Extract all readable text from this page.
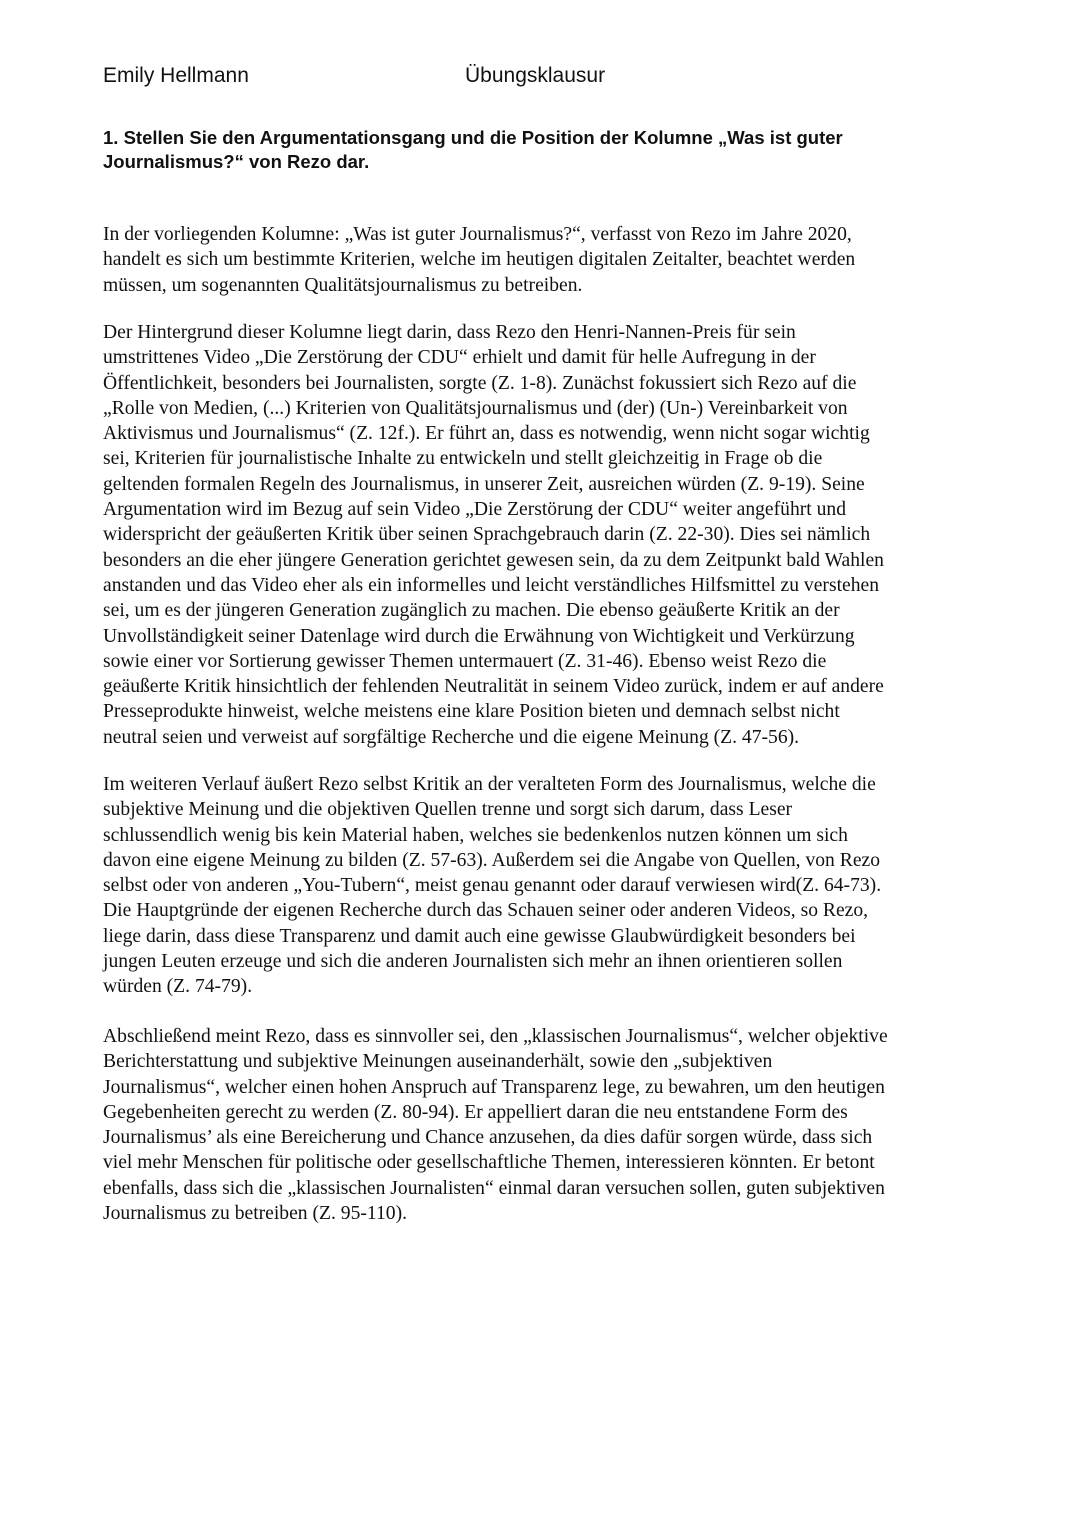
Emily Hellmann	Übungsklausur

1. Stellen Sie den Argumentationsgang und die Position der Kolumne „Was ist guter
Journalismus?“ von Rezo dar.

In der vorliegenden Kolumne: „Was ist guter Journalismus?“, verfasst von Rezo im Jahre 2020,
handelt es sich um bestimmte Kriterien, welche im heutigen digitalen Zeitalter, beachtet werden
müssen, um sogenannten Qualitätsjournalismus zu betreiben.

Der Hintergrund dieser Kolumne liegt darin, dass Rezo den Henri-Nannen-Preis für sein
umstrittenes Video „Die Zerstörung der CDU“ erhielt und damit für helle Aufregung in der
Öffentlichkeit, besonders bei Journalisten, sorgte (Z. 1-8). Zunächst fokussiert sich Rezo auf die
„Rolle von Medien, (...) Kriterien von Qualitätsjournalismus und (der) (Un-) Vereinbarkeit von
Aktivismus und Journalismus“ (Z. 12f.). Er führt an, dass es notwendig, wenn nicht sogar wichtig
sei, Kriterien für journalistische Inhalte zu entwickeln und stellt gleichzeitig in Frage ob die
geltenden formalen Regeln des Journalismus, in unserer Zeit, ausreichen würden (Z. 9-19). Seine
Argumentation wird im Bezug auf sein Video „Die Zerstörung der CDU“ weiter angeführt und
widerspricht der geäußerten Kritik über seinen Sprachgebrauch darin (Z. 22-30). Dies sei nämlich
besonders an die eher jüngere Generation gerichtet gewesen sein, da zu dem Zeitpunkt bald Wahlen
anstanden und das Video eher als ein informelles und leicht verständliches Hilfsmittel zu verstehen
sei, um es der jüngeren Generation zugänglich zu machen. Die ebenso geäußerte Kritik an der
Unvollständigkeit seiner Datenlage wird durch die Erwähnung von Wichtigkeit und Verkürzung
sowie einer vor Sortierung gewisser Themen untermauert (Z. 31-46). Ebenso weist Rezo die
geäußerte Kritik hinsichtlich der fehlenden Neutralität in seinem Video zurück, indem er auf andere
Presseprodukte hinweist, welche meistens eine klare Position bieten und demnach selbst nicht
neutral seien und verweist auf sorgfältige Recherche und die eigene Meinung (Z. 47-56).

Im weiteren Verlauf äußert Rezo selbst Kritik an der veralteten Form des Journalismus, welche die
subjektive Meinung und die objektiven Quellen trenne und sorgt sich darum, dass Leser
schlussendlich wenig bis kein Material haben, welches sie bedenkenlos nutzen können um sich
davon eine eigene Meinung zu bilden (Z. 57-63). Außerdem sei die Angabe von Quellen, von Rezo
selbst oder von anderen „You-Tubern“, meist genau genannt oder darauf verwiesen wird(Z. 64-73).
Die Hauptgründe der eigenen Recherche durch das Schauen seiner oder anderen Videos, so Rezo,
liege darin, dass diese Transparenz und damit auch eine gewisse Glaubwürdigkeit besonders bei
jungen Leuten erzeuge und sich die anderen Journalisten sich mehr an ihnen orientieren sollen
würden (Z. 74-79).

Abschließend meint Rezo, dass es sinnvoller sei, den „klassischen Journalismus“, welcher objektive
Berichterstattung und subjektive Meinungen auseinanderhält, sowie den „subjektiven
Journalismus“, welcher einen hohen Anspruch auf Transparenz lege, zu bewahren, um den heutigen
Gegebenheiten gerecht zu werden (Z. 80-94). Er appelliert daran die neu entstandene Form des
Journalismus’ als eine Bereicherung und Chance anzusehen, da dies dafür sorgen würde, dass sich
viel mehr Menschen für politische oder gesellschaftliche Themen, interessieren könnten. Er betont
ebenfalls, dass sich die „klassischen Journalisten“ einmal daran versuchen sollen, guten subjektiven
Journalismus zu betreiben (Z. 95-110).
